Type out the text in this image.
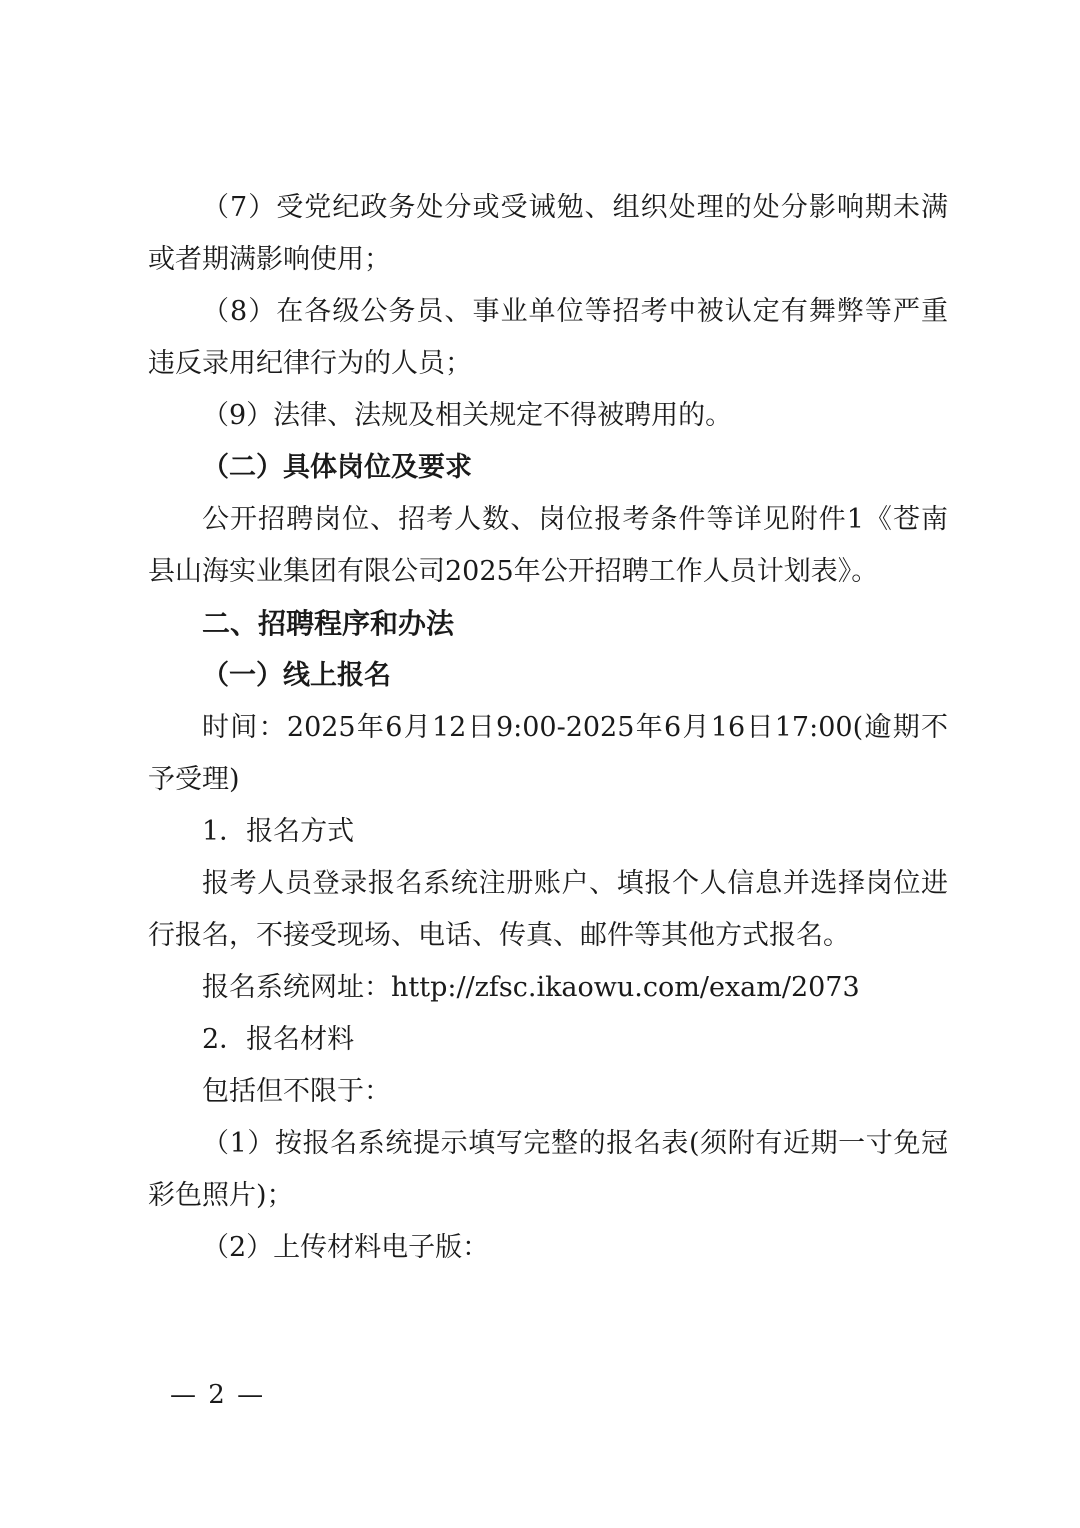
（7）受党纪政务处分或受诫勉、组织处理的处分影响期未满或者期满影响使用；

（8）在各级公务员、事业单位等招考中被认定有舞弊等严重违反录用纪律行为的人员；

（9）法律、法规及相关规定不得被聘用的。

（二）具体岗位及要求

公开招聘岗位、招考人数、岗位报考条件等详见附件1《苍南县山海实业集团有限公司2025年公开招聘工作人员计划表》。

二、招聘程序和办法

（一）线上报名

时间：2025年6月12日9:00-2025年6月16日17:00(逾期不予受理)

1．报名方式

报考人员登录报名系统注册账户、填报个人信息并选择岗位进行报名，不接受现场、电话、传真、邮件等其他方式报名。

报名系统网址：http://zfsc.ikaowu.com/exam/2073

2．报名材料

包括但不限于：

（1）按报名系统提示填写完整的报名表(须附有近期一寸免冠彩色照片)；

（2）上传材料电子版：

— 2 —
